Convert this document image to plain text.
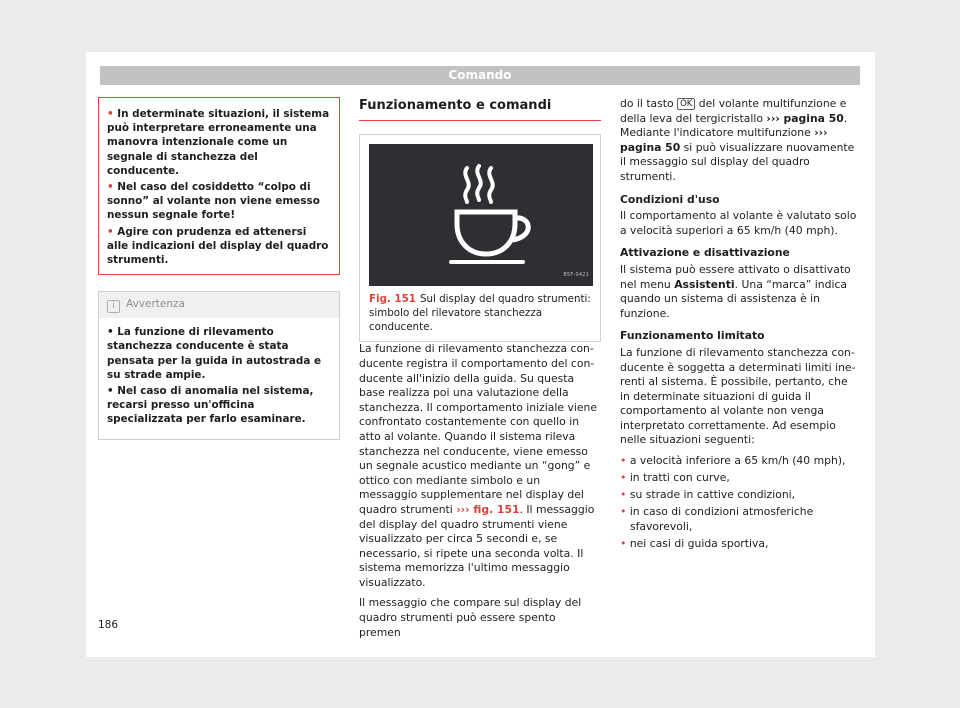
Comando

• In determinate situazioni, il sistema può interpretare erroneamente una manovra intenzionale come un segnale di stanchezza del conducente.

• Nel caso del cosiddetto “colpo di sonno” al volante non viene emesso nessun segnale forte!

• Agire con prudenza ed attenersi alle indicazioni del display del quadro strumenti.

i Avvertenza

• La funzione di rilevamento stanchezza conducente è stata pensata per la guida in autostrada e su strade ampie.

• Nel caso di anomalia nel sistema, recarsi presso un'officina specializzata per farlo esaminare.

Funzionamento e comandi
B5F-0421
Fig. 151 Sul display del quadro strumenti: simbolo del rilevatore stanchezza conducente.

La funzione di rilevamento stanchezza conducente registra il comportamento del conducente all'inizio della guida. Su questa base realizza poi una valutazione della stanchezza. Il comportamento iniziale viene confrontato costantemente con quello in atto al volante. Quando il sistema rileva stanchezza nel conducente, viene emesso un segnale acustico mediante un “gong” e ottico con mediante simbolo e un messaggio supplementare nel display del quadro strumenti ››› fig. 151. Il messaggio del display del quadro strumenti viene visualizzato per circa 5 secondi e, se necessario, si ripete una seconda volta. Il sistema memorizza l'ultimo messaggio visualizzato.

Il messaggio che compare sul display del quadro strumenti può essere spento premen

do il tasto OK del volante multifunzione e della leva del tergicristallo ››› pagina 50. Mediante l'indicatore multifunzione ››› pagina 50 si può visualizzare nuovamente il messaggio sul display del quadro strumenti.

Condizioni d'uso

Il comportamento al volante è valutato solo a velocità superiori a 65 km/h (40 mph).

Attivazione e disattivazione

Il sistema può essere attivato o disattivato nel menu Assistenti. Una “marca” indica quando un sistema di assistenza è in funzione.

Funzionamento limitato

La funzione di rilevamento stanchezza conducente è soggetta a determinati limiti inerenti al sistema. È possibile, pertanto, che in determinate situazioni di guida il comportamento al volante non venga interpretato correttamente. Ad esempio nelle situazioni seguenti:

• a velocità inferiore a 65 km/h (40 mph),
• in tratti con curve,
• su strade in cattive condizioni,
• in caso di condizioni atmosferiche sfavorevoli,
• nei casi di guida sportiva,
186
